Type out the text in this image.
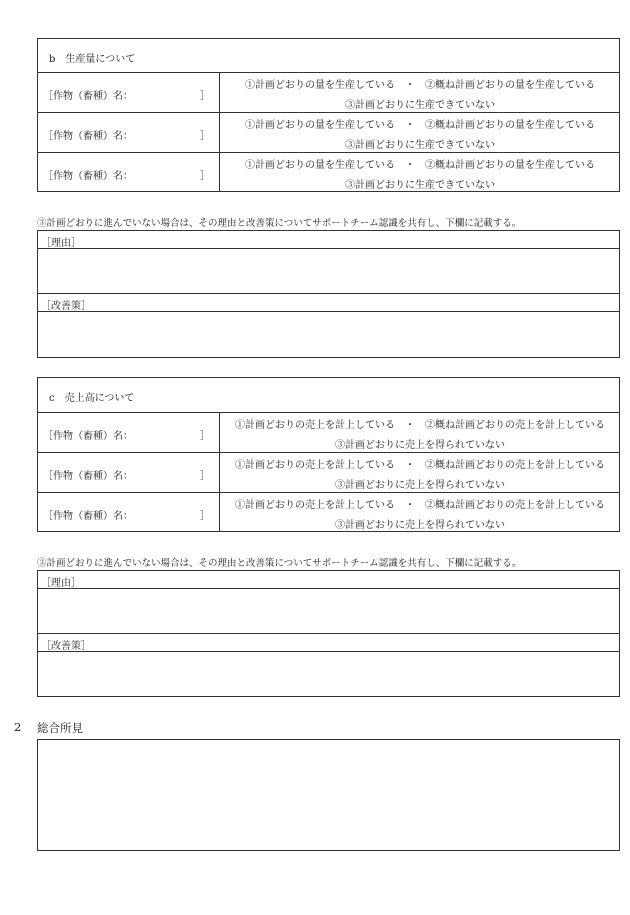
b　生産量について
［作物（畜種）名：	］
①計画どおりの量を生産している　・　②概ね計画どおりの量を生産している
③計画どおりに生産できていない
［作物（畜種）名：	］
①計画どおりの量を生産している　・　②概ね計画どおりの量を生産している
③計画どおりに生産できていない
［作物（畜種）名：	］
①計画どおりの量を生産している　・　②概ね計画どおりの量を生産している
③計画どおりに生産できていない
③計画どおりに進んでいない場合は、その理由と改善策についてサポートチーム認識を共有し、下欄に記載する。
［理由］
［改善策］
c　売上高について
［作物（畜種）名：	］
①計画どおりの売上を計上している　・　②概ね計画どおりの売上を計上している
③計画どおりに売上を得られていない
［作物（畜種）名：	］
①計画どおりの売上を計上している　・　②概ね計画どおりの売上を計上している
③計画どおりに売上を得られていない
［作物（畜種）名：	］
①計画どおりの売上を計上している　・　②概ね計画どおりの売上を計上している
③計画どおりに売上を得られていない
③計画どおりに進んでいない場合は、その理由と改善策についてサポートチーム認識を共有し、下欄に記載する。
［理由］
［改善策］
2 総合所見
